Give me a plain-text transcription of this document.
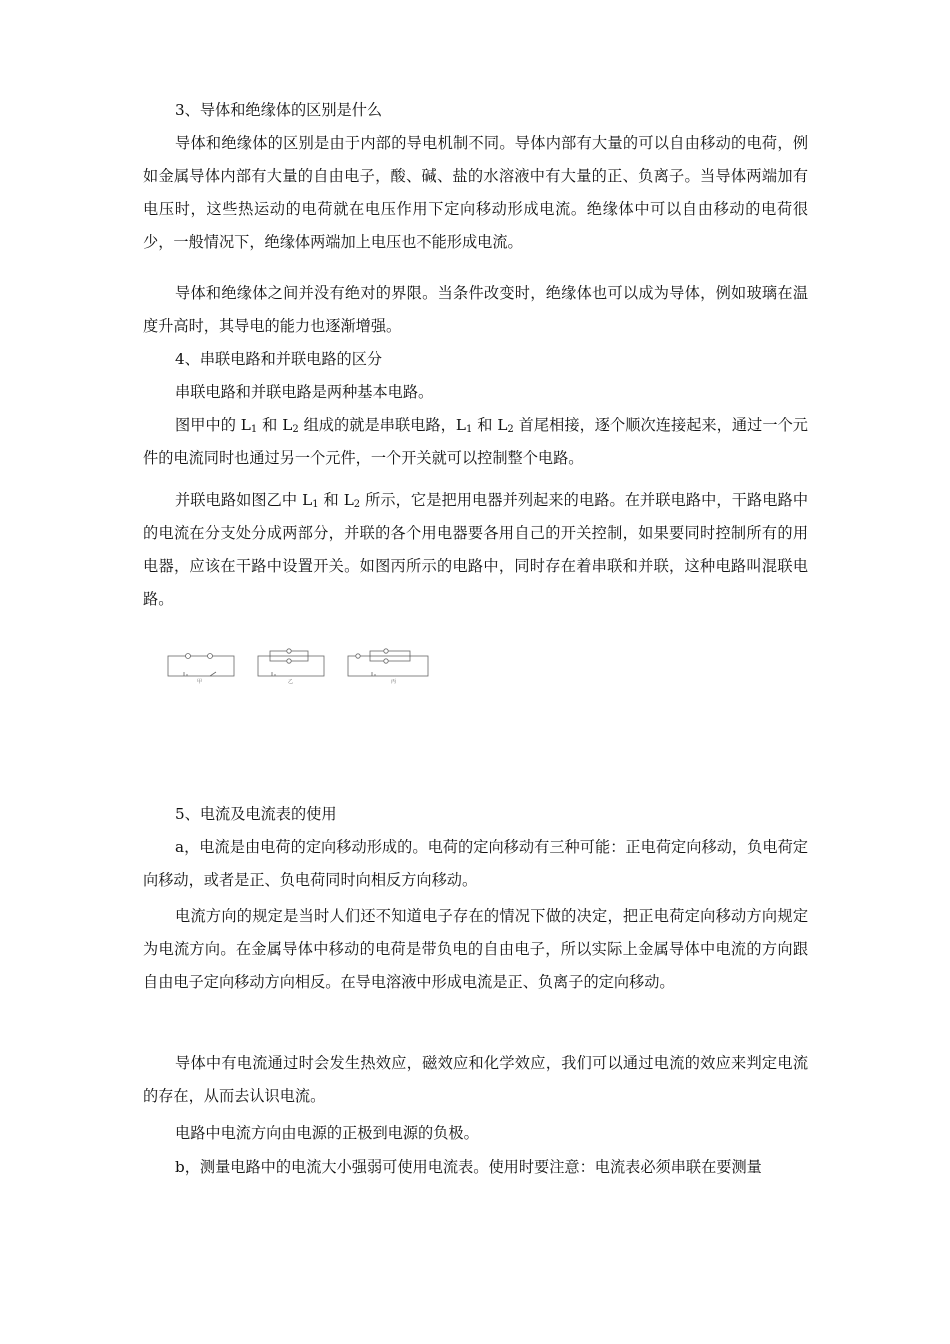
3、导体和绝缘体的区别是什么

导体和绝缘体的区别是由于内部的导电机制不同。导体内部有大量的可以自由移动的电荷，例如金属导体内部有大量的自由电子，酸、碱、盐的水溶液中有大量的正、负离子。当导体两端加有电压时，这些热运动的电荷就在电压作用下定向移动形成电流。绝缘体中可以自由移动的电荷很少，一般情况下，绝缘体两端加上电压也不能形成电流。

导体和绝缘体之间并没有绝对的界限。当条件改变时，绝缘体也可以成为导体，例如玻璃在温度升高时，其导电的能力也逐渐增强。

4、串联电路和并联电路的区分

串联电路和并联电路是两种基本电路。

图甲中的 $L_1$ 和 $L_2$ 组成的就是串联电路，$L_1$ 和 $L_2$ 首尾相接，逐个顺次连接起来，通过一个元件的电流同时也通过另一个元件，一个开关就可以控制整个电路。

并联电路如图乙中 $L_1$ 和 $L_2$ 所示，它是把用电器并列起来的电路。在并联电路中，干路电路中的电流在分支处分成两部分，并联的各个用电器要各用自己的开关控制，如果要同时控制所有的用电器，应该在干路中设置开关。如图丙所示的电路中，同时存在着串联和并联，这种电路叫混联电路。

甲	乙	丙

5、电流及电流表的使用

a，电流是由电荷的定向移动形成的。电荷的定向移动有三种可能：正电荷定向移动，负电荷定向移动，或者是正、负电荷同时向相反方向移动。

电流方向的规定是当时人们还不知道电子存在的情况下做的决定，把正电荷定向移动方向规定为电流方向。在金属导体中移动的电荷是带负电的自由电子，所以实际上金属导体中电流的方向跟自由电子定向移动方向相反。在导电溶液中形成电流是正、负离子的定向移动。

导体中有电流通过时会发生热效应，磁效应和化学效应，我们可以通过电流的效应来判定电流的存在，从而去认识电流。

电路中电流方向由电源的正极到电源的负极。

b，测量电路中的电流大小强弱可使用电流表。使用时要注意：电流表必须串联在要测量
